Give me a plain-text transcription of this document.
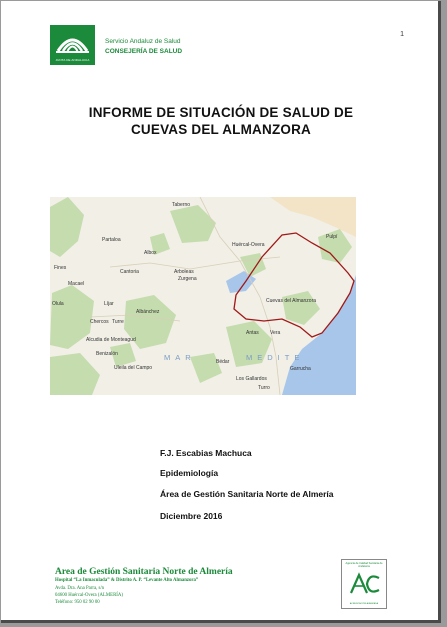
1
JUNTA DE ANDALUCIA
Servicio Andaluz de Salud
CONSEJERÍA DE SALUD
INFORME DE SITUACIÓN DE SALUD DE
CUEVAS DEL ALMANZORA
Taberno
Pulpí
Partaloa
Huércal-Overa
Albox
Fines
Cantoria	Arboleas
Zurgena
Macael
Cuevas del Almanzora
Líjar
Olula
Albánchez
Chercos Turre
Alcudia de Monteagud
Antas Vera
Benizalón
Uleila del Campo
Bédar
Garrucha
Los Gallardos
Turro
MAR	MEDITE
F.J. Escabias Machuca
Epidemiología
Área de Gestión Sanitaria Norte de Almería
Diciembre 2016
Area de Gestión Sanitaria Norte de Almería
Hospital “La Inmaculada” & Distrito A. P. “Levante Alto Almanzora”
Avda. Dra. Ana Parra, s/n
04600 Huércal-Overa (ALMERÍA)
Teléfono: 950 02 90 00
Agencia de Calidad Sanitaria de Andalucía
ACREDITACIÓN AVANZADA
